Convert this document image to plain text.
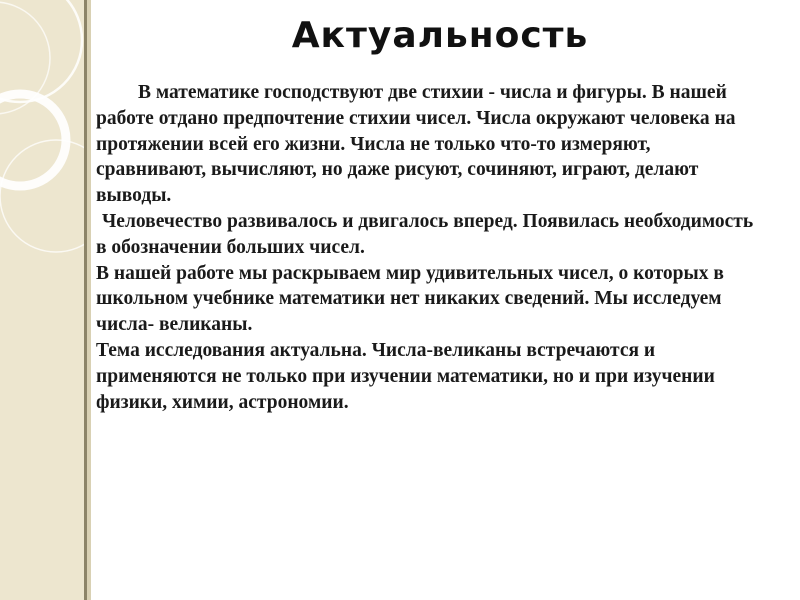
Актуальность

В математике господствуют две стихии - числа и фигуры. В нашей работе отдано предпочтение стихии чисел. Числа окружают человека на протяжении всей его жизни. Числа не только что-то измеряют, сравнивают, вычисляют, но даже рисуют, сочиняют, играют, делают выводы.

Человечество развивалось и двигалось вперед. Появилась необходимость в обозначении больших чисел.

В нашей работе мы раскрываем мир удивительных чисел, о которых в школьном учебнике математики нет никаких сведений. Мы исследуем числа- великаны.

Тема исследования актуальна. Числа-великаны встречаются и применяются не только при изучении математики, но и при изучении физики, химии, астрономии.
